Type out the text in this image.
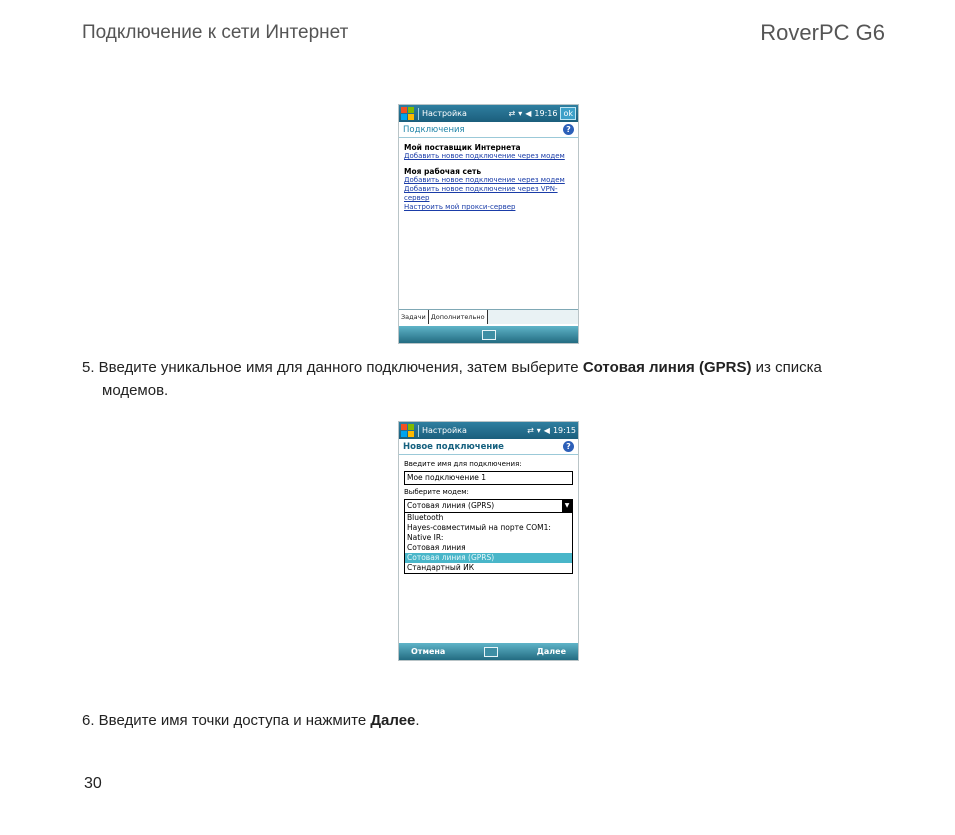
Подключение к сети Интернет	RoverPC G6
Настройка	⇄ ▾ ◀ 19:16 ok
Подключения	?
Мой поставщик Интернета
Добавить новое подключение через модем
Моя рабочая сеть
Добавить новое подключение через модем
Добавить новое подключение через VPN-сервер
Настроить мой прокси-сервер
Задачи Дополнительно
5. Введите уникальное имя для данного подключения, затем выберите Сотовая линия (GPRS) из списка
модемов.
Настройка	⇄ ▾ ◀ 19:15
Новое подключение	?
Введите имя для подключения:
Мое подключение 1
Выберите модем:
Сотовая линия (GPRS)	▼
Bluetooth
Hayes-совместимый на порте COM1:
Native IR:
Сотовая линия
Сотовая линия (GPRS)
Стандартный ИК
Отмена	Далее
6. Введите имя точки доступа и нажмите Далее.
30
